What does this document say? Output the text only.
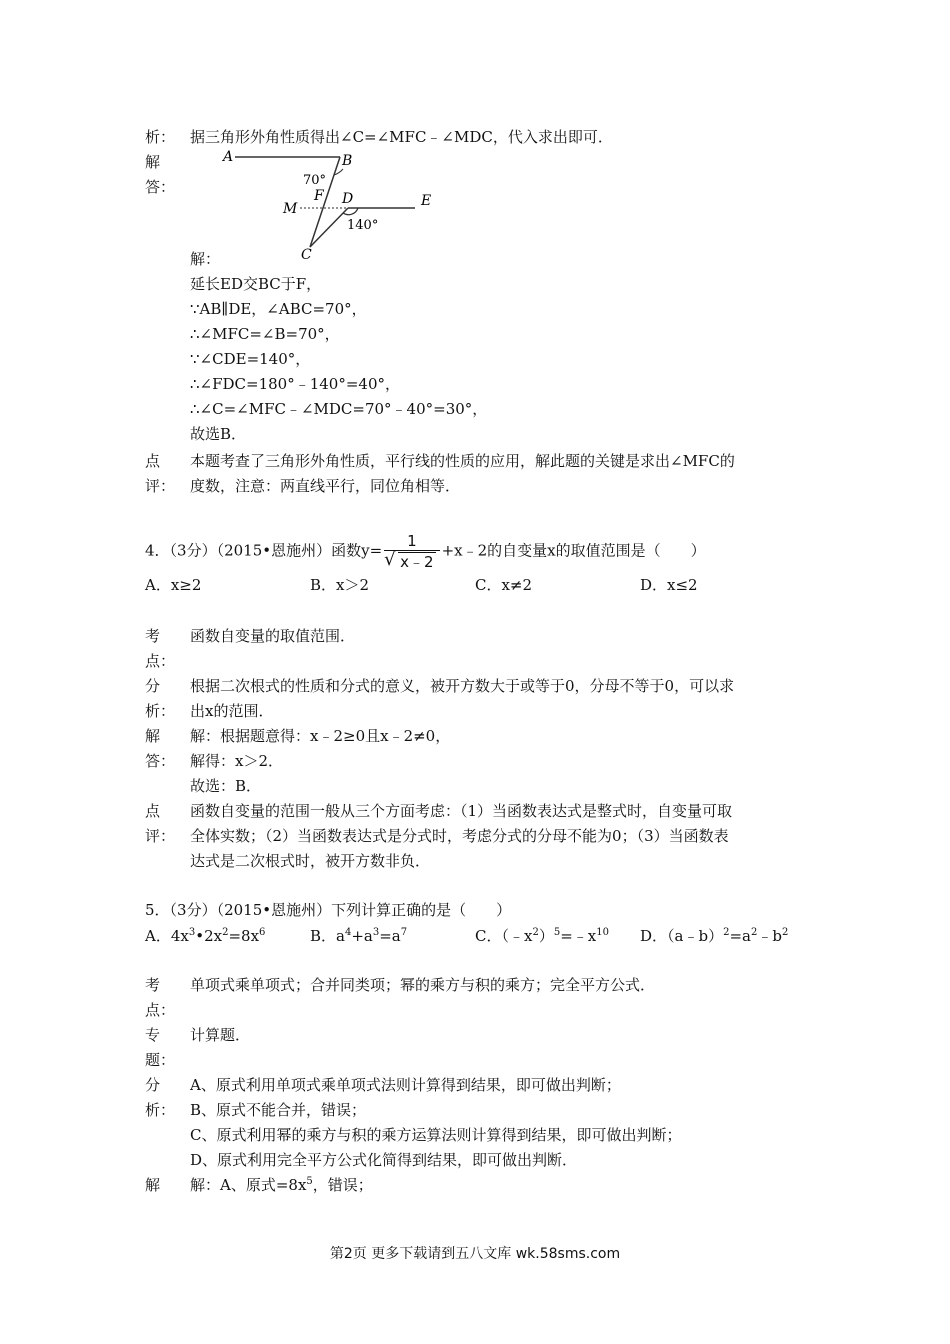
析 ： 据三角形外角性质得出∠C=∠MFC﹣∠MDC，代入求出即可．
解
答：
A	B
F D	E
M
C
70°
140°
解：
延长ED交BC于F，
∵AB∥DE，∠ABC=70°，
∴∠MFC=∠B=70°，
∵∠CDE=140°，
∴∠FDC=180°﹣140°=40°，
∴∠C=∠MFC﹣∠MDC=70°﹣40°=30°，
故选B．
点
评：
本题考查了三角形外角性质，平行线的性质的应用，解此题的关键是求出∠MFC的
度数，注意：两直线平行，同位角相等．
4．（3分）（2015•恩施州）函数$y= \frac{1}{√ x﹣2}$ +x﹣2的自变量x的取值范围是（　　）
A．x≥2	B．x＞2	C．x≠2	D．x≤2
考
点：
函数自变量的取值范围．
分
析：
根据二次根式的性质和分式的意义，被开方数大于或等于0，分母不等于0，可以求
出x的范围．
解
答：
解：根据题意得：x﹣2≥0且x﹣2≠0，
解得：x＞2．
故选：B．
点
评：
函数自变量的范围一般从三个方面考虑：（1）当函数表达式是整式时，自变量可取
全体实数；（2）当函数表达式是分式时，考虑分式的分母不能为0；（3）当函数表
达式是二次根式时，被开方数非负．
5．（3分）（2015•恩施州）下列计算正确的是（　　）
A．$4x^3•2x^2=8x^6$	B．$a^4+a^3=a^7$	C．$(﹣x^2)^5=﹣x^{10}$ D．$(a﹣b)^2=a^2﹣b^2$
考
点：
单项式乘单项式；合并同类项；幂的乘方与积的乘方；完全平方公式．
专
题：
计算题．
分
析：
A、原式利用单项式乘单项式法则计算得到结果，即可做出判断；
B、原式不能合并，错误；
C、原式利用幂的乘方与积的乘方运算法则计算得到结果，即可做出判断；
D、原式利用完全平方公式化简得到结果，即可做出判断．
解	解：A、原式$=8x^5$，错误；
第2页 更多下载请到五八文库 wk.58sms.com
